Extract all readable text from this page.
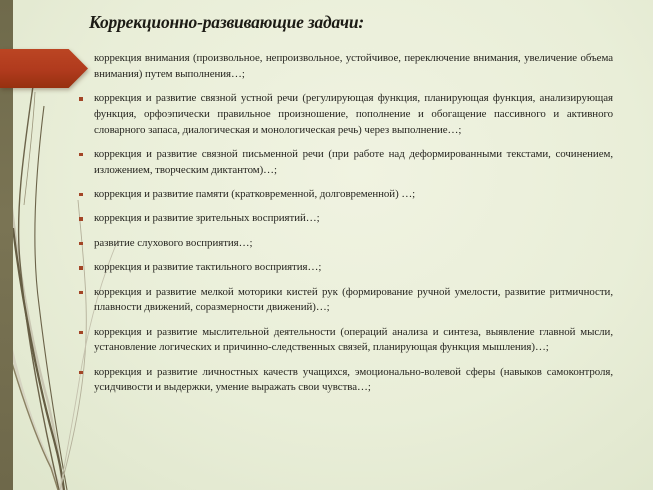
Коррекционно-развивающие задачи:
коррекция внимания (произвольное, непроизвольное, устойчивое, переключение внимания, увеличение объема внимания) путем выполнения…;
коррекция и развитие связной устной речи (регулирующая функция, планирующая функция, анализирующая функция, орфоэпически правильное произношение, пополнение и обогащение пассивного и активного словарного запаса, диалогическая и монологическая речь) через выполнение…;
коррекция и развитие связной письменной речи (при работе над деформированными текстами, сочинением, изложением, творческим диктантом)…;
коррекция и развитие памяти (кратковременной, долговременной) …;
коррекция и развитие зрительных восприятий…;
развитие слухового восприятия…;
коррекция и развитие тактильного восприятия…;
коррекция и развитие мелкой моторики кистей рук (формирование ручной умелости, развитие ритмичности, плавности движений, соразмерности движений)…;
коррекция и развитие мыслительной деятельности (операций анализа и синтеза, выявление главной мысли, установление логических и причинно-следственных связей, планирующая функция мышления)…;
коррекция и развитие личностных качеств учащихся, эмоционально-волевой сферы (навыков самоконтроля, усидчивости и выдержки, умение выражать свои чувства…;
